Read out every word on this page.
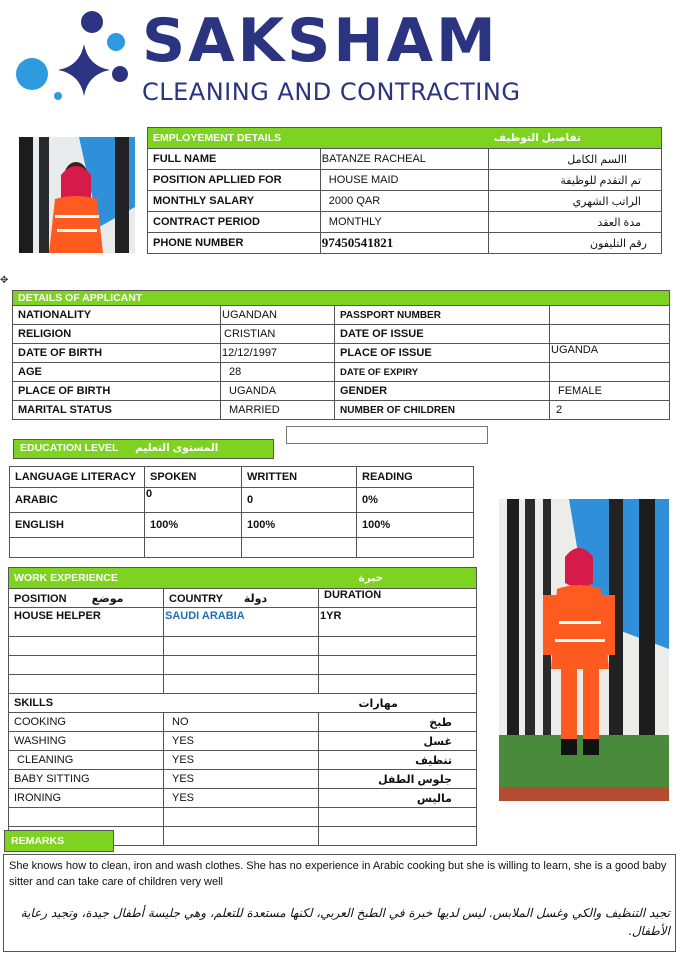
SAKSHAM
CLEANING AND CONTRACTING
EMPLOYEMENT DETAILS		تفاصيل التوظيف
FULL NAME	BATANZE RACHEAL	االسم الكامل
POSITION APLLIED FOR	HOUSE MAID	تم التقدم للوظيفة
MONTHLY SALARY	2000 QAR	الراتب الشهري
CONTRACT PERIOD	MONTHLY	مدة العقد
PHONE NUMBER	97450541821	رقم التليفون
✥
DETAILS OF APPLICANT			
NATIONALITY	UGANDAN	PASSPORT NUMBER	
RELIGION	CRISTIAN	DATE OF ISSUE	
DATE OF BIRTH	12/12/1997	PLACE OF ISSUE	UGANDA
AGE	28	DATE OF EXPIRY	
PLACE OF BIRTH	UGANDA	GENDER	FEMALE
MARITAL STATUS	MARRIED	NUMBER OF CHILDREN	2
EDUCATION LEVEL المستوى التعليم
LANGUAGE LITERACY	SPOKEN	WRITTEN	READING
ARABIC	0	0	0%
ENGLISH	100%	100%	100%

WORK EXPERIENCE		خبرة
POSITION موضع	COUNTRY دولة	DURATION
HOUSE HELPER	SAUDI ARABIA	1YR

SKILLS		مهارات
COOKING	NO	طبخ
WASHING	YES	غسل
CLEANING	YES	تنظيف
BABY SITTING	YES	جلوس الطفل
IRONING	YES	ماليس

REMARKS
She knows how to clean, iron and wash clothes. She has no experience in Arabic cooking but she is willing to learn, she is a good baby sitter and can take care of children very well
تجيد التنظيف والكي وغسل الملابس. ليس لديها خبرة في الطبخ العربي، لكنها مستعدة للتعلم، وهي جليسة أطفال جيدة، وتجيد رعاية الأطفال.
